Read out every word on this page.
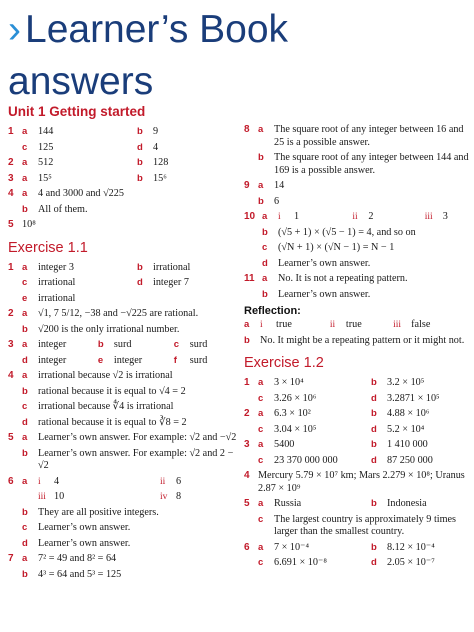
› Learner’s Book
answers
Unit 1 Getting started
1 a	144	b 9
c	125	d 4
2 a	512	b 128
3 a	15⁵	b 15⁶
4 a	4 and 3000 and √225
b All of them.
5 10⁸
Exercise 1.1
1 a	integer 3	b irrational
c	irrational	d integer 7
e	irrational
2 a	√1, 7 5/12, −38 and −√225 are rational.
b √200 is the only irrational number.
3 a	integer	b surd	c	surd
d integer	e	integer	f	surd
4 a	irrational because √2 is irrational
b rational because it is equal to √4 = 2
c	irrational because ∜4 is irrational
d rational because it is equal to ∛8 = 2
5 a	Learner’s own answer. For example: √2 and −√2
b Learner’s own answer. For example: √2 and 2 − √2
6 a	i	4	ii	6
iii 10	iv 8
b They are all positive integers.
c	Learner’s own answer.
d Learner’s own answer.
7 a	7² = 49 and 8² = 64
b 4³ = 64 and 5³ = 125
8 a	The square root of any integer between 16 and 25 is a possible answer.
b The square root of any integer between 144 and 169 is a possible answer.
9 a	14
b 6
10 a	i	1	ii	2	iii 3
b (√5 + 1) × (√5 − 1) = 4, and so on
c	(√N + 1) × (√N − 1) = N − 1
d Learner’s own answer.
11 a	No. It is not a repeating pattern.
b Learner’s own answer.
Reflection:
a	i	true	ii	true	iii false
b No. It might be a repeating pattern or it might not.
Exercise 1.2
1 a	3 × 10⁴	b 3.2 × 10⁵
c	3.26 × 10⁶	d 3.2871 × 10⁵
2 a	6.3 × 10²	b 4.88 × 10⁶
c	3.04 × 10⁵	d 5.2 × 10⁴
3 a	5400	b 1 410 000
c	23 370 000 000	d 87 250 000
4 Mercury 5.79 × 10⁷ km; Mars 2.279 × 10⁸; Uranus 2.87 × 10⁹
5 a	Russia	b Indonesia
c	The largest country is approximately 9 times larger than the smallest country.
6 a	7 × 10⁻⁴	b 8.12 × 10⁻⁴
c	6.691 × 10⁻⁸	d 2.05 × 10⁻⁷
